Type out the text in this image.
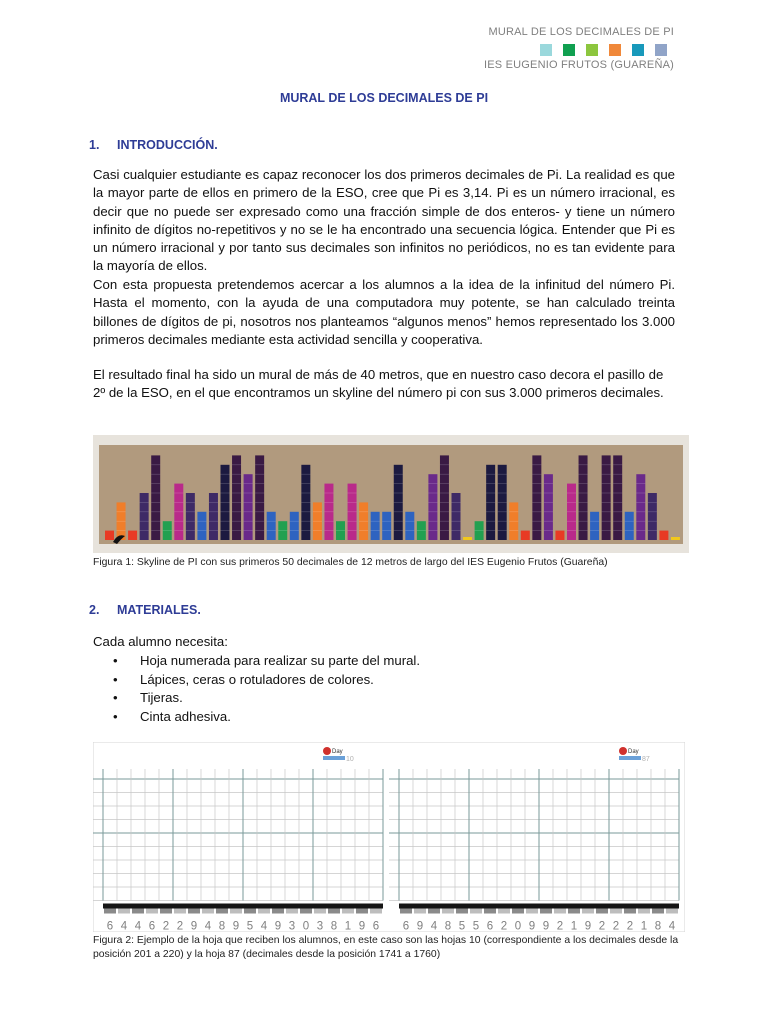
MURAL DE LOS DECIMALES DE PI
IES EUGENIO FRUTOS (GUAREÑA)
MURAL DE LOS DECIMALES DE PI
1. INTRODUCCIÓN.

Casi cualquier estudiante es capaz reconocer los dos primeros decimales de Pi. La realidad es que la mayor parte de ellos en primero de la ESO, cree que Pi es 3,14. Pi es un número irracional, es decir que no puede ser expresado como una fracción simple de dos enteros- y tiene un número infinito de dígitos no-repetitivos y no se le ha encontrado una secuencia lógica. Entender que Pi es un número irracional y por tanto sus decimales son infinitos no periódicos, no es tan evidente para la mayoría de ellos.

Con esta propuesta pretendemos acercar a los alumnos a la idea de la infinitud del número Pi. Hasta el momento, con la ayuda de una computadora muy potente, se han calculado treinta billones de dígitos de pi, nosotros nos planteamos “algunos menos” hemos representado los 3.000 primeros decimales mediante esta actividad sencilla y cooperativa.

El resultado final ha sido un mural de más de 40 metros, que en nuestro caso decora el pasillo de 2º de la ESO, en el que encontramos un skyline del número pi con sus 3.000 primeros decimales.

Figura 1: Skyline de PI con sus primeros 50 decimales de 12 metros de largo del IES Eugenio Frutos (Guareña)

2. MATERIALES.
Cada alumno necesita:
• Hoja numerada para realizar su parte del mural.
• Lápices, ceras o rotuladores de colores.
• Tijeras.
• Cinta adhesiva.
6 4 4 6 2 2 9 4 8 9 5 4 9 3 0 3 8 1 9 6
Day
10
6 9 4 8 5 5 6 2 0 9 9 2 1 9 2 2 2 1 8 4
Day
87

Figura 2: Ejemplo de la hoja que reciben los alumnos, en este caso son las hojas 10 (correspondiente a los decimales desde la posición 201 a 220) y la hoja 87 (decimales desde la posición 1741 a 1760)
